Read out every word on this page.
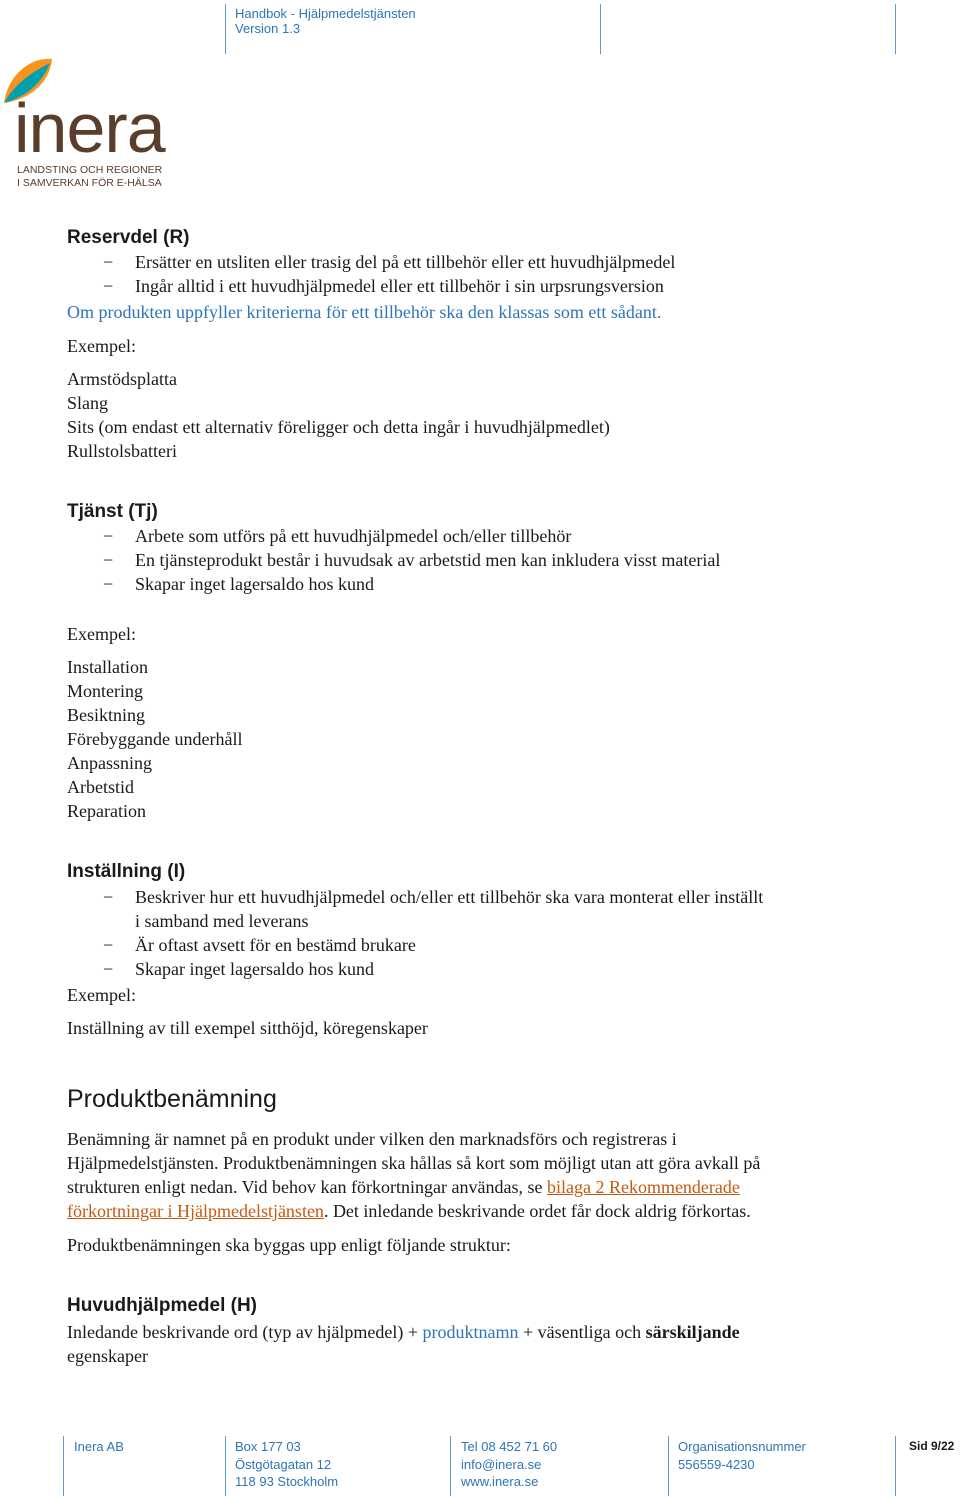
Handbok - Hjälpmedelstjänsten
Version 1.3
inera
LANDSTING OCH REGIONER
I SAMVERKAN FÖR E-HÄLSA
Reservdel (R)
− Ersätter en utsliten eller trasig del på ett tillbehör eller ett huvudhjälpmedel
− Ingår alltid i ett huvudhjälpmedel eller ett tillbehör i sin urpsrungsversion
Om produkten uppfyller kriterierna för ett tillbehör ska den klassas som ett sådant.
Exempel:
Armstödsplatta
Slang
Sits (om endast ett alternativ föreligger och detta ingår i huvudhjälpmedlet)
Rullstolsbatteri
Tjänst (Tj)
− Arbete som utförs på ett huvudhjälpmedel och/eller tillbehör
− En tjänsteprodukt består i huvudsak av arbetstid men kan inkludera visst material
− Skapar inget lagersaldo hos kund
Exempel:
Installation
Montering
Besiktning
Förebyggande underhåll
Anpassning
Arbetstid
Reparation
Inställning (I)
− Beskriver hur ett huvudhjälpmedel och/eller ett tillbehör ska vara monterat eller inställt
i samband med leverans
− Är oftast avsett för en bestämd brukare
− Skapar inget lagersaldo hos kund
Exempel:
Inställning av till exempel sitthöjd, köregenskaper
Produktbenämning
Benämning är namnet på en produkt under vilken den marknadsförs och registreras i
Hjälpmedelstjänsten. Produktbenämningen ska hållas så kort som möjligt utan att göra avkall på
strukturen enligt nedan. Vid behov kan förkortningar användas, se bilaga 2 Rekommenderade
förkortningar i Hjälpmedelstjänsten. Det inledande beskrivande ordet får dock aldrig förkortas.
Produktbenämningen ska byggas upp enligt följande struktur:
Huvudhjälpmedel (H)
Inledande beskrivande ord (typ av hjälpmedel) + produktnamn + väsentliga och särskiljande
egenskaper
Inera AB	Box 177 03
Östgötagatan 12
118 93 Stockholm
Tel 08 452 71 60
info@inera.se
www.inera.se
Organisationsnummer
556559-4230
Sid 9/22
